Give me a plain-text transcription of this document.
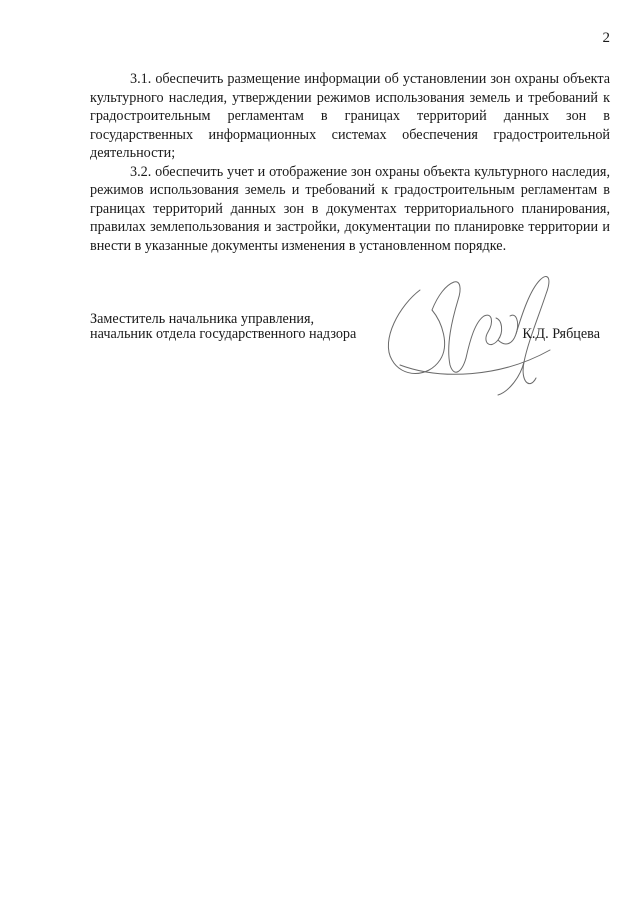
2

3.1. обеспечить размещение информации об установлении зон охраны объекта культурного наследия, утверждении режимов использования земель и требований к градостроительным регламентам в границах территорий данных зон в государственных информационных системах обеспечения градостроительной деятельности;

3.2. обеспечить учет и отображение зон охраны объекта культурного наследия, режимов использования земель и требований к градостроительным регламентам в границах территорий данных зон в документах территориального планирования, правилах землепользования и застройки, документации по планировке территории и внести в указанные документы изменения в установленном порядке.

Заместитель начальника управления,
начальник отдела государственного надзора	К.Д. Рябцева
